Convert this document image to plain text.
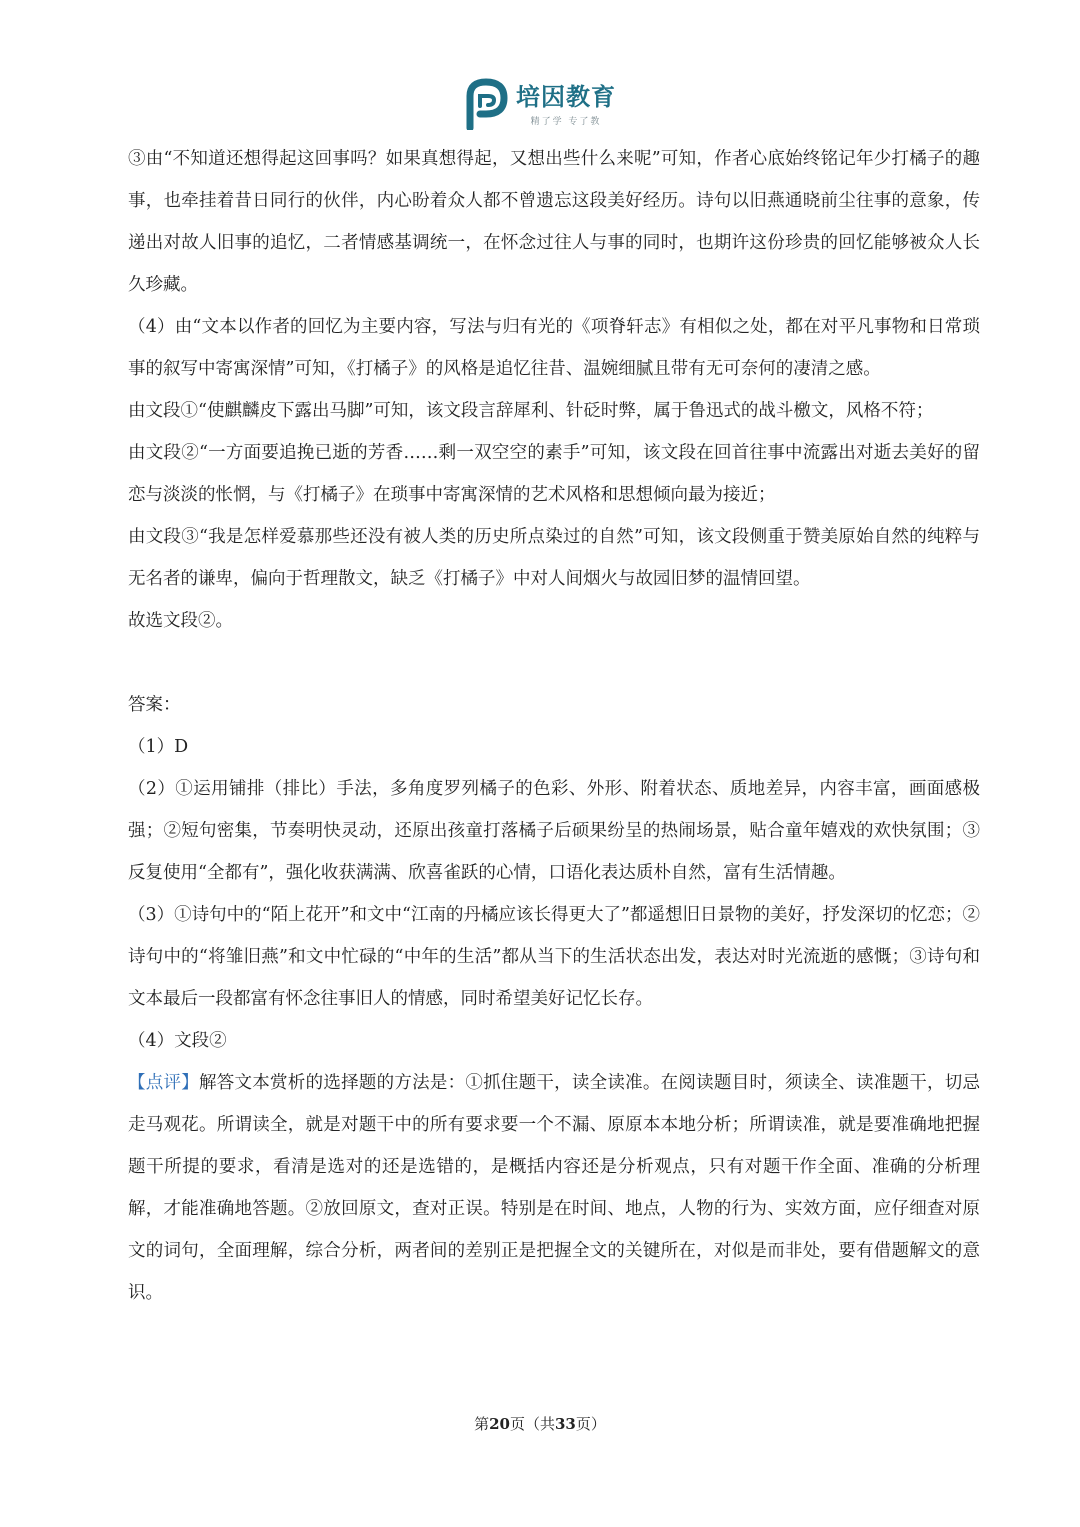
培因教育
精了学 专了教

③由“不知道还想得起这回事吗？如果真想得起，又想出些什么来呢”可知，作者心底始终铭记年少打橘子的趣事，也牵挂着昔日同行的伙伴，内心盼着众人都不曾遗忘这段美好经历。诗句以旧燕通晓前尘往事的意象，传递出对故人旧事的追忆，二者情感基调统一，在怀念过往人与事的同时，也期许这份珍贵的回忆能够被众人长久珍藏。

（4）由“文本以作者的回忆为主要内容，写法与归有光的《项脊轩志》有相似之处，都在对平凡事物和日常琐事的叙写中寄寓深情”可知，《打橘子》的风格是追忆往昔、温婉细腻且带有无可奈何的凄清之感。

由文段①“使麒麟皮下露出马脚”可知，该文段言辞犀利、针砭时弊，属于鲁迅式的战斗檄文，风格不符；

由文段②“一方面要追挽已逝的芳香……剩一双空空的素手”可知，该文段在回首往事中流露出对逝去美好的留恋与淡淡的怅惘，与《打橘子》在琐事中寄寓深情的艺术风格和思想倾向最为接近；

由文段③“我是怎样爱慕那些还没有被人类的历史所点染过的自然”可知，该文段侧重于赞美原始自然的纯粹与无名者的谦卑，偏向于哲理散文，缺乏《打橘子》中对人间烟火与故园旧梦的温情回望。

故选文段②。

答案：

（1）D

（2）①运用铺排（排比）手法，多角度罗列橘子的色彩、外形、附着状态、质地差异，内容丰富，画面感极强；②短句密集，节奏明快灵动，还原出孩童打落橘子后硕果纷呈的热闹场景，贴合童年嬉戏的欢快氛围；③反复使用“全都有”，强化收获满满、欣喜雀跃的心情，口语化表达质朴自然，富有生活情趣。

（3）①诗句中的“陌上花开”和文中“江南的丹橘应该长得更大了”都遥想旧日景物的美好，抒发深切的忆恋；②诗句中的“将雏旧燕”和文中忙碌的“中年的生活”都从当下的生活状态出发，表达对时光流逝的感慨；③诗句和文本最后一段都富有怀念往事旧人的情感，同时希望美好记忆长存。

（4）文段②

【点评】解答文本赏析的选择题的方法是：①抓住题干，读全读准。在阅读题目时，须读全、读准题干，切忌走马观花。所谓读全，就是对题干中的所有要求要一个不漏、原原本本地分析；所谓读准，就是要准确地把握题干所提的要求，看清是选对的还是选错的，是概括内容还是分析观点，只有对题干作全面、准确的分析理解，才能准确地答题。②放回原文，查对正误。特别是在时间、地点，人物的行为、实效方面，应仔细查对原文的词句，全面理解，综合分析，两者间的差别正是把握全文的关键所在，对似是而非处，要有借题解文的意识。

第20页（共33页）
